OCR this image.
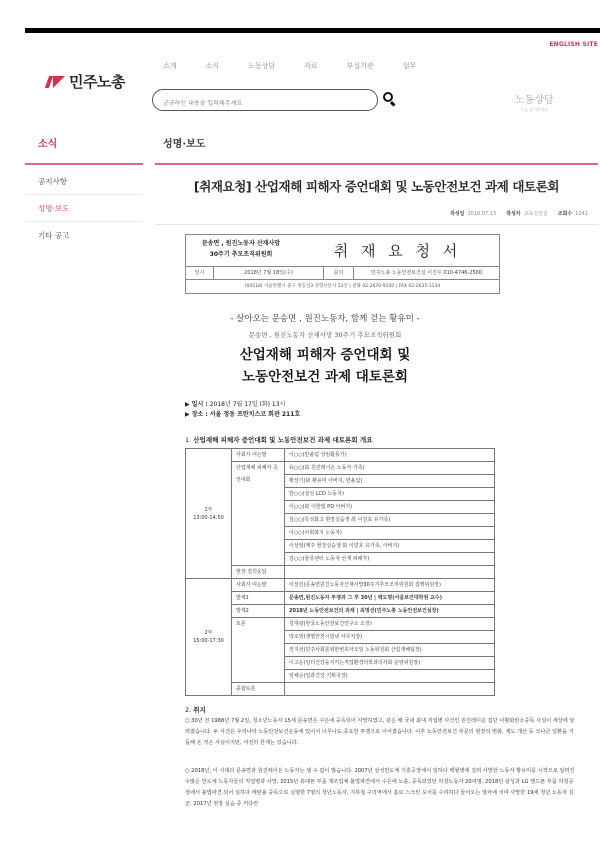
ENGLISH SITE
민주노총
소개	소식	노동상담	자료	부설기관	업무
궁금하신 내용을 입력해주세요
노동상담
지금 물어보세요
소식
공지사항
성명·보도
기타 공고
성명·보도
[취재요청] 산업재해 피해자 증언대회 및 노동안전보건 과제 대토론회
작성일 2018.07.13 작성자 교육선전실 조회수 1241
문송면 , 원진노동자 산재사망
30주기 추모조직위원회	취 재 요 청 서
일시	2018년 7월 18일(수)	문의	민주노총 노동안전보건실 이진우 010-4746-2500
(04518) 서울특별시 중구 정동길3 경향신문사 13층 | 전화 02-2670-9100 | FAX 02-2635-1134
- 살아오는 문송면 , 원진노동자, 함께 걷는 황유미 -
문송면 , 원진노동자 산재사망 30주기 추모조직위원회
산업재해 피해자 증언대회 및
노동안전보건 과제 대토론회
▶ 일시 : 2018년 7월 17일 (화) 13시
▶ 장소 : 서울 정동 프란치스코 회관 211호
1. 산업재해 피해자 증언대회 및 노동안전보건 과제 대토론회 개요
1부
13:00-14:50	사회자 여는말	이○○(반올림 상임활동가)
	산업재해 피해자 증언대회	유○○(故 원진레이온 노동자 가족)
		황상기(故 황유미 아버지, 반올림)
		한○○(삼성 LCD 노동자)
		이○○(故 이한빛 PD 아버지)
		김○○(특성화고 현장실습생 故 이민호 유가족)
		이○○(사회복지 노동자)
		이상영(제주 현장실습생 故 이민호 유가족, 아버지)
		김○○(물류센터 노동자 산재 피해자)
	현장 질의응답	

2부
15:00-17:30	사회자 여는말	이상진(문송면원진노동자산재사망30주기추모조직위원회 집행위원장)
	발제1	문송면,원진노동자 투쟁과 그 후 30년 | 백도명(서울보건대학원 교수)
	발제2	2018년 노동안전보건의 과제 | 최명선(민주노총 노동안전보건실장)
	토론	김재광(한국노동안전보건연구소 소장)
		박소영(생명안전시민넷 사무처장)
		전지선(민주사회를위한변호사모임 노동위원회 산업재해팀장)
		이고운(일터건강을지키는직업환경의학과의사회 운영위원장)
		임채순(일과건강 기획국장)
	종합토론	
2. 취지
○ 30년 전 1988년 7월 2일, 청소년노동자 15세 문송면은 수은에 중독되어 사망하였고, 같은 해 국내 최대 직업병 사건인 원진레이온 집단 이황화탄소중독 사실이 세상에 알려졌습니다. 두 사건은 우리나라 노동안전보건운동에 있어서 너무나도 중요한 투쟁으로 이어졌습니다. 이후 노동안전보건 부문의 현장의 변화, 제도 개선 등 크나큰 일환을 거듭해 온 것은 사실이지만, 여전히 한계는 있습니다.
○ 2018년, 이 시대의 문송면과 원진레이온 노동자는 셀 수 없이 많습니다. 2007년 삼성반도체 기흥공장에서 일하다 백혈병에 걸려 사망한 노동자 황유미를 시작으로 알려진 수많은 반도체 노동자들의 직업병과 사망, 2015년 휴대폰 부품 제조업체 불법파견에서 수은에 노출, 중독되었던 하청노동자 20여명, 2018년 삼성과 LG 핸드폰 부품 하청공장에서 불법파견 되어 일하다 메탄올 중독으로 실명한 7명의 청년노동자, 지하철 구의역에서 홀로 스크린 도어를 수리하다 들어오는 열차에 치여 사망한 19세 청년 노동자 김군, 2017년 현장 실습 중 커다란
